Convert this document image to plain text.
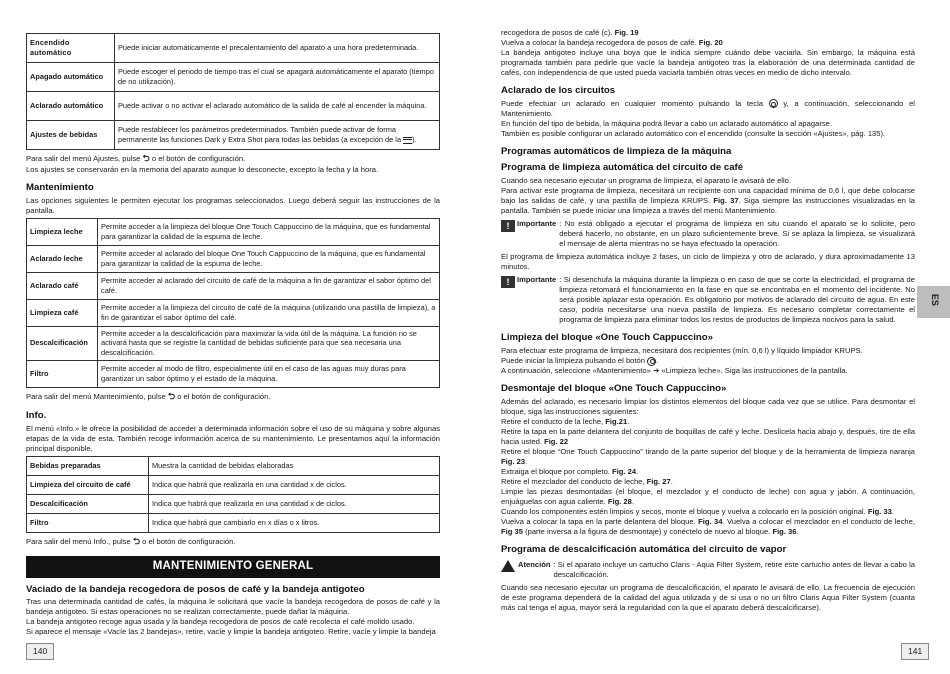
Encendido automático	Puede iniciar automáticamente el precalentamiento del aparato a una hora predeterminada.
Apagado automático	Puede escoger el periodo de tiempo tras el cual se apagará automáticamente el aparato (tiempo de no utilización).
Aclarado automático	Puede activar o no activar el aclarado automático de la salida de café al encender la máquina.
Ajustes de bebidas	Puede restablecer los parámetros predeterminados. También puede activar de forma permanente las funciones Dark y Extra Shot para todas las bebidas (a excepción de la ).

Para salir del menú Ajustes, pulse ⮌ o el botón de configuración.

Los ajustes se conservarán en la memoria del aparato aunque lo desconecte, excepto la fecha y la hora.

Mantenimiento

Las opciones siguientes le permiten ejecutar los programas seleccionados. Luego deberá seguir las instrucciones de la pantalla.

Limpieza leche	Permite acceder a la limpieza del bloque One Touch Cappuccino de la máquina, que es fundamental para garantizar la calidad de la espuma de leche.
Aclarado leche	Permite acceder al aclarado del bloque One Touch Cappuccino de la máquina, que es fundamental para garantizar la calidad de la espuma de leche.
Aclarado café	Permite acceder al aclarado del circuito de café de la máquina a fin de garantizar el sabor óptimo del café.
Limpieza café	Permite acceder a la limpieza del circuito de café de la máquina (utilizando una pastilla de limpieza), a fin de garantizar el sabor óptimo del café.
Descalcificación	Permite acceder a la descalcificación para maximizar la vida útil de la máquina. La función no se activará hasta que se registre la cantidad de bebidas suficiente para que sea necesaria una descalcificación.
Filtro	Permite acceder al modo de filtro, especialmente útil en el caso de las aguas muy duras para garantizar un sabor óptimo y el estado de la máquina.

Para salir del menú Mantenimiento, pulse ⮌ o el botón de configuración.

Info.

El menú «Info.» le ofrece la posibilidad de acceder a determinada información sobre el uso de su máquina y sobre algunas etapas de la vida de esta. También recoge información acerca de su mantenimiento. Le presentamos aquí la información principal disponible.

Bebidas preparadas	Muestra la cantidad de bebidas elaboradas
Limpieza del circuito de café	Indica que habrá que realizarla en una cantidad x de ciclos.
Descalcificación	Indica que habrá que realizarla en una cantidad x de ciclos.
Filtro	Indica que habrá que cambiarlo en x días o x litros.

Para salir del menú Info., pulse ⮌ o el botón de configuración.

MANTENIMIENTO GENERAL
Vaciado de la bandeja recogedora de posos de café y la bandeja antigoteo

Tras una determinada cantidad de cafés, la máquina le solicitará que vacíe la bandeja recogedora de posos de café y la bandeja antigoteo. Si estas operaciones no se realizan correctamente, puede dañar la máquina.

La bandeja antigoteo recoge agua usada y la bandeja recogedora de posos de café recolecta el café molido usado.

Si aparece el mensaje «Vacíe las 2 bandejas», retire, vacíe y limpie la bandeja antigoteo. Retire, vacíe y limpie la bandeja

140

recogedora de posos de café (c). Fig. 19

Vuelva a colocar la bandeja recogedora de posos de café. Fig. 20

La bandeja antigoteo incluye una boya que le indica siempre cuándo debe vaciarla. Sin embargo, la máquina está programada también para pedirle que vacíe la bandeja antigoteo tras la elaboración de una determinada cantidad de cafés, con independencia de que usted pueda vaciarla también otras veces en medio de dicho intervalo.

Aclarado de los circuitos

Puede efectuar un aclarado en cualquier momento pulsando la tecla	y, a continuación, seleccionando el Mantenimiento.

En función del tipo de bebida, la máquina podrá llevar a cabo un aclarado automático al apagarse.

También es posible configurar un aclarado automático con el encendido (consulte la sección «Ajustes», pág. 135).

Programas automáticos de limpieza de la máquina
Programa de limpieza automática del circuito de café

Cuando sea necesario ejecutar un programa de limpieza, el aparato le avisará de ello.

Para activar este programa de limpieza, necesitará un recipiente con una capacidad mínima de 0,6 l, que debe colocarse bajo las salidas de café, y una pastilla de limpieza KRUPS. Fig. 37. Siga siempre las instrucciones visualizadas en la pantalla. También se puede iniciar una limpieza a través del menú Mantenimiento.

! Importante : No está obligado a ejecutar el programa de limpieza en situ cuando el aparato se lo solicite, pero deberá hacerlo, no obstante, en un plazo suficientemente breve. Si se aplaza la limpieza, se visualizará el mensaje de alerta mientras no se haya efectuado la operación.

El programa de limpieza automática incluye 2 fases, un ciclo de limpieza y otro de aclarado, y dura aproximadamente 13 minutos.

! Importante : Si desenchufa la máquina durante la limpieza o en caso de que se corte la electricidad, el programa de limpieza retomará el funcionamiento en la fase en que se encontraba en el momento del incidente. No será posible aplazar esta operación. Es obligatorio por motivos de aclarado del circuito de agua. En este caso, podría necesitarse una nueva pastilla de limpieza. Es necesario completar correctamente el programa de limpieza para eliminar todos los restos de productos de limpieza nocivos para la salud.
Limpieza del bloque «One Touch Cappuccino»

Para efectuar este programa de limpieza, necesitará dos recipientes (mín. 0,6 l) y líquido limpiador KRUPS.

Puede iniciar la limpieza pulsando el botón .

A continuación, seleccione «Mantenimiento» ➔ «Limpieza leche». Siga las instrucciones de la pantalla.

Desmontaje del bloque «One Touch Cappuccino»

Además del aclarado, es necesario limpiar los distintos elementos del bloque cada vez que se utilice. Para desmontar el bloque, siga las instrucciones siguientes:

Retire el conducto de la leche, Fig.21.

Retire la tapa en la parte delantera del conjunto de boquillas de café y leche. Deslícela hacia abajo y, después, tire de ella hacia usted. Fig. 22

Retire el bloque “One Touch Cappuccino” tirando de la parte superior del bloque y de la herramienta de limpieza naranja Fig. 23.

Extraiga el bloque por completo. Fig. 24.

Retire el mezclador del conducto de leche, Fig. 27.

Limpie las piezas desmontadas (el bloque, el mezclador y el conducto de leche) con agua y jabón. A continuación, enjuáguelas con agua caliente. Fig. 28.

Cuando los componentes estén limpios y secos, monte el bloque y vuelva a colocarlo en la posición original. Fig. 33.

Vuelva a colocar la tapa en la parte delantera del bloque. Fig. 34. Vuelva a colocar el mezclador en el conducto de leche, Fig 35 (parte inversa a la figura de desmontaje) y conéctelo de nuevo al bloque. Fig. 36.

Programa de descalcificación automática del circuito de vapor
Atención : Si el aparato incluye un cartucho Claris - Aqua Filter System, retire este cartucho antes de llevar a cabo la descalcificación.

Cuando sea necesario ejecutar un programa de descalcificación, el aparato le avisará de ello. La frecuencia de ejecución de este programa dependerá de la calidad del agua utilizada y de si usa o no un filtro Claris Aqua Filter System (cuanta más cal tenga el agua, mayor será la regularidad con la que el aparato deberá descalcificarse).

ES
141
